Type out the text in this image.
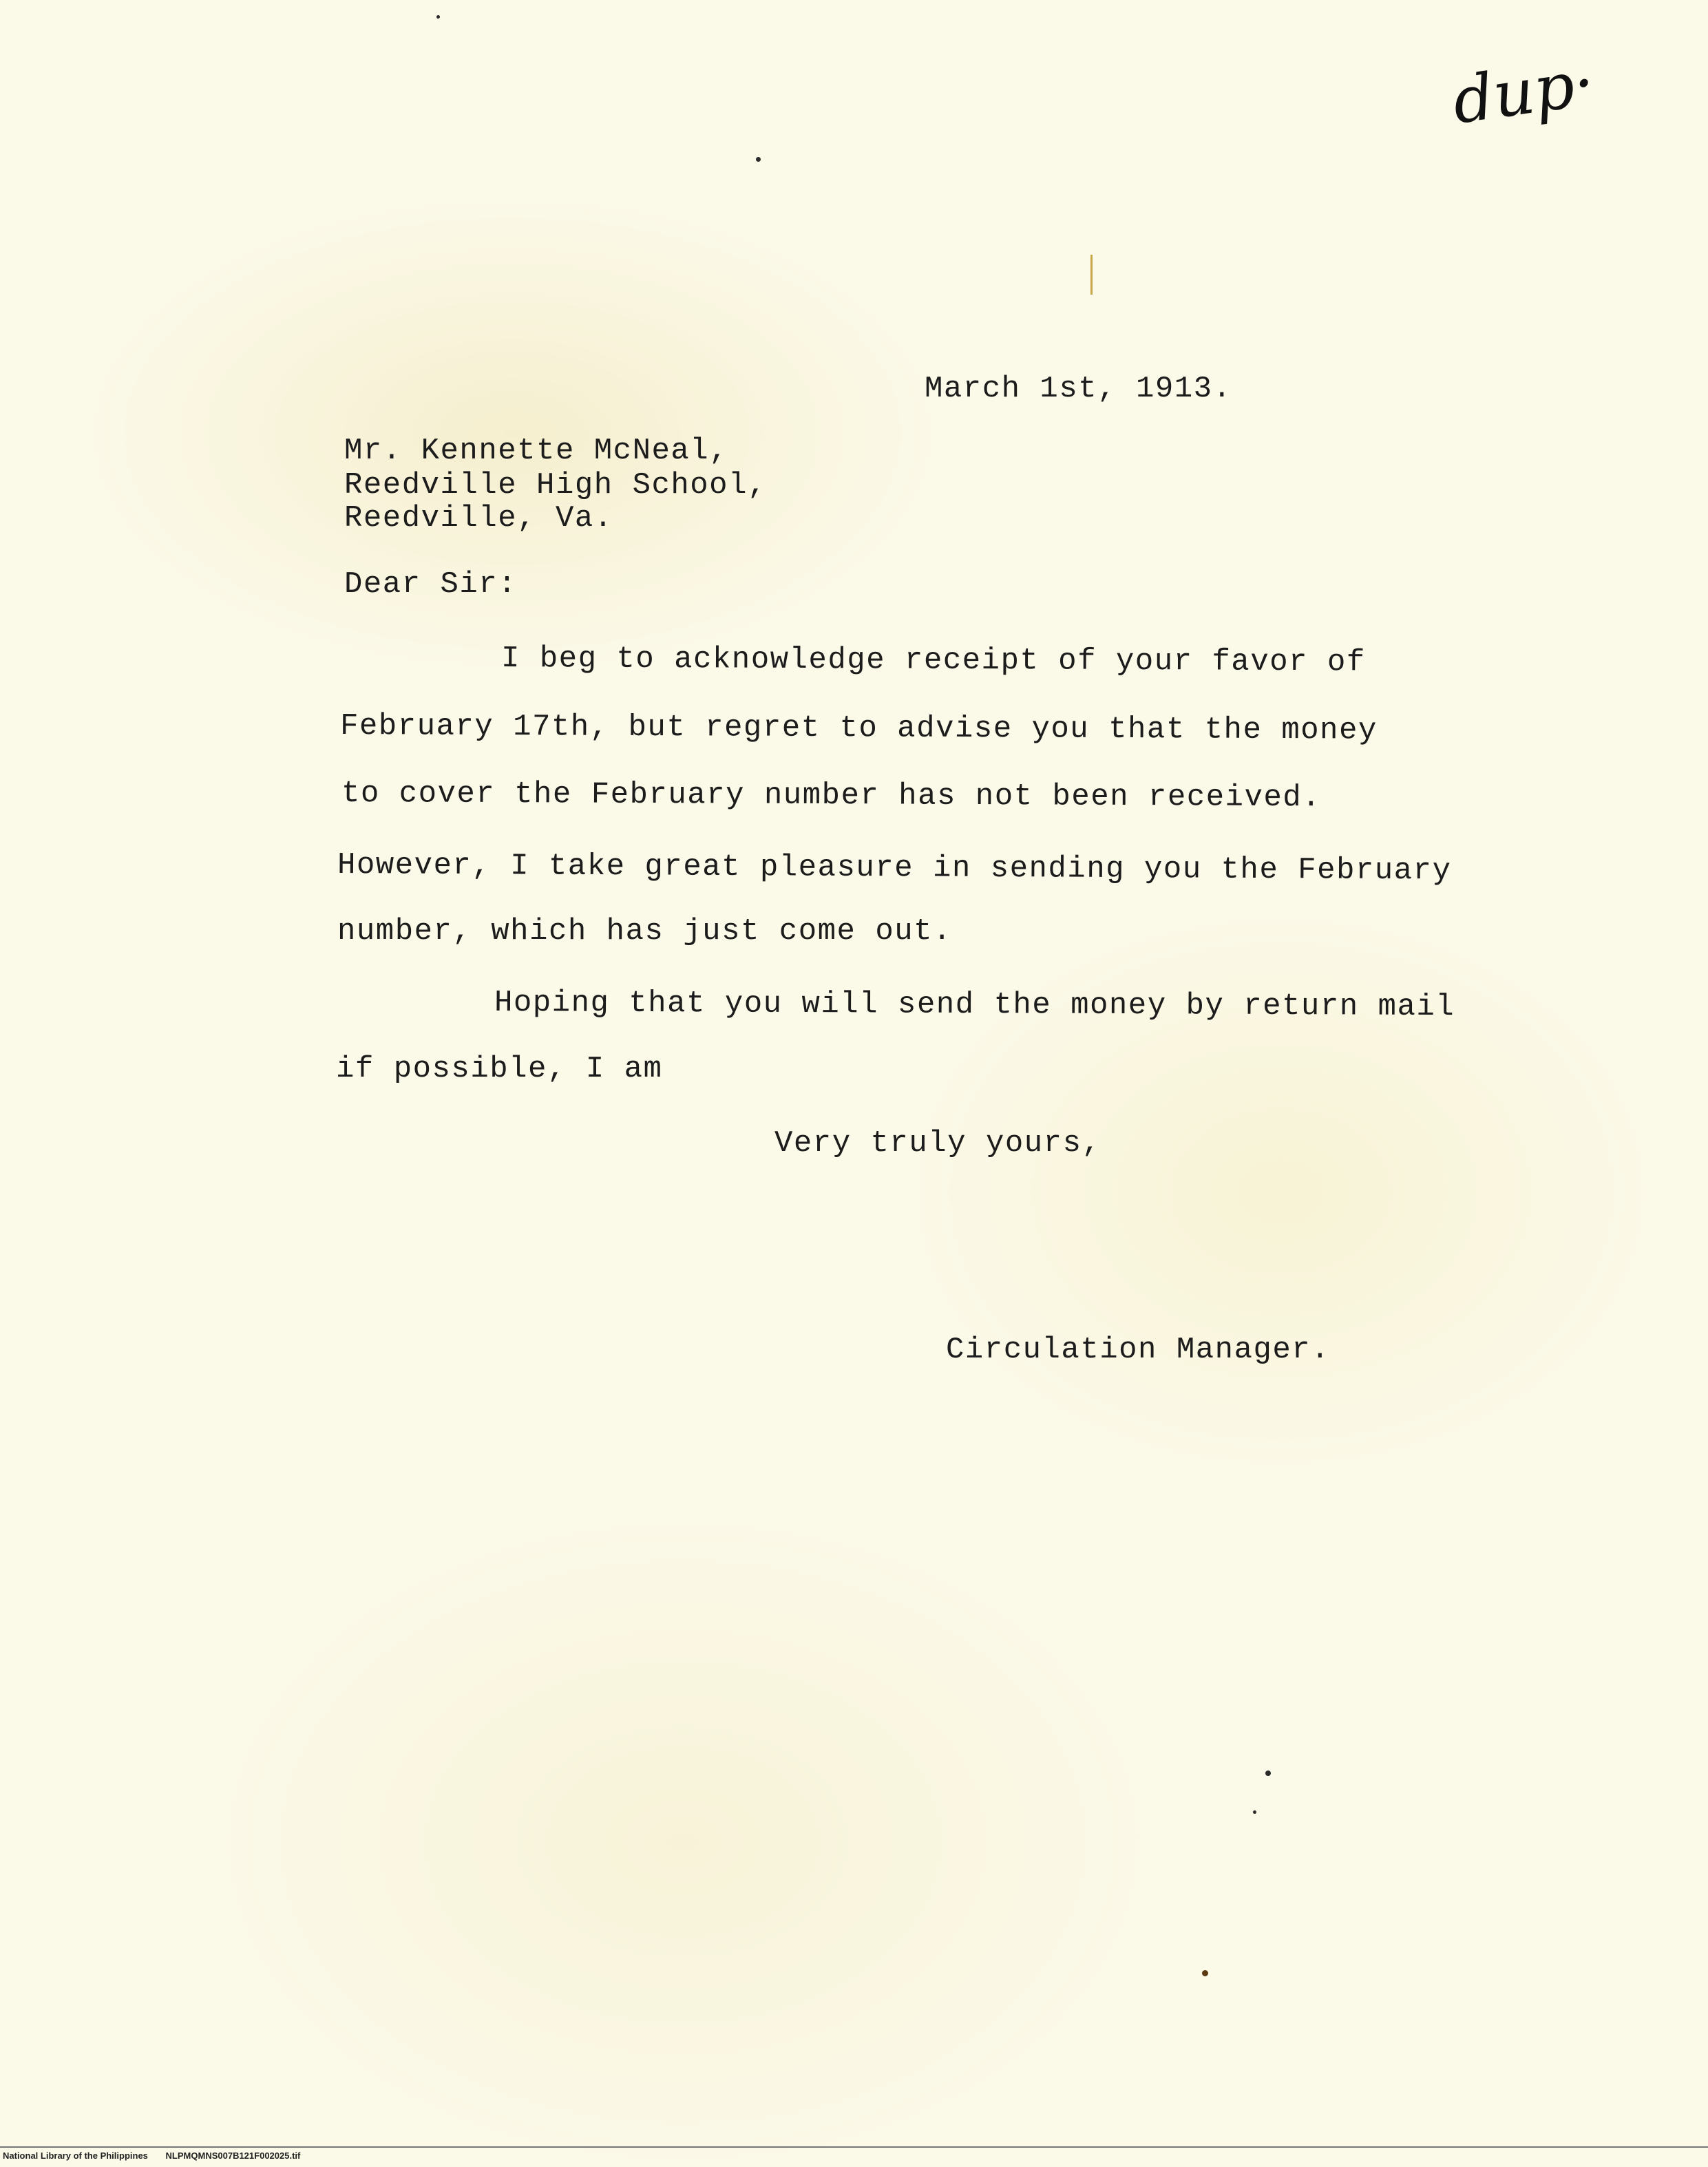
dup·
March 1st, 1913.
Mr. Kennette McNeal,
Reedville High School,
Reedville, Va.
Dear Sir:
I beg to acknowledge receipt of your favor of
February 17th, but regret to advise you that the money
to cover the February number has not been received.
However, I take great pleasure in sending you the February
number, which has just come out.
Hoping that you will send the money by return mail
if possible, I am
Very truly yours,
Circulation Manager.
National Library of the Philippines NLPMQMNS007B121F002025.tif
